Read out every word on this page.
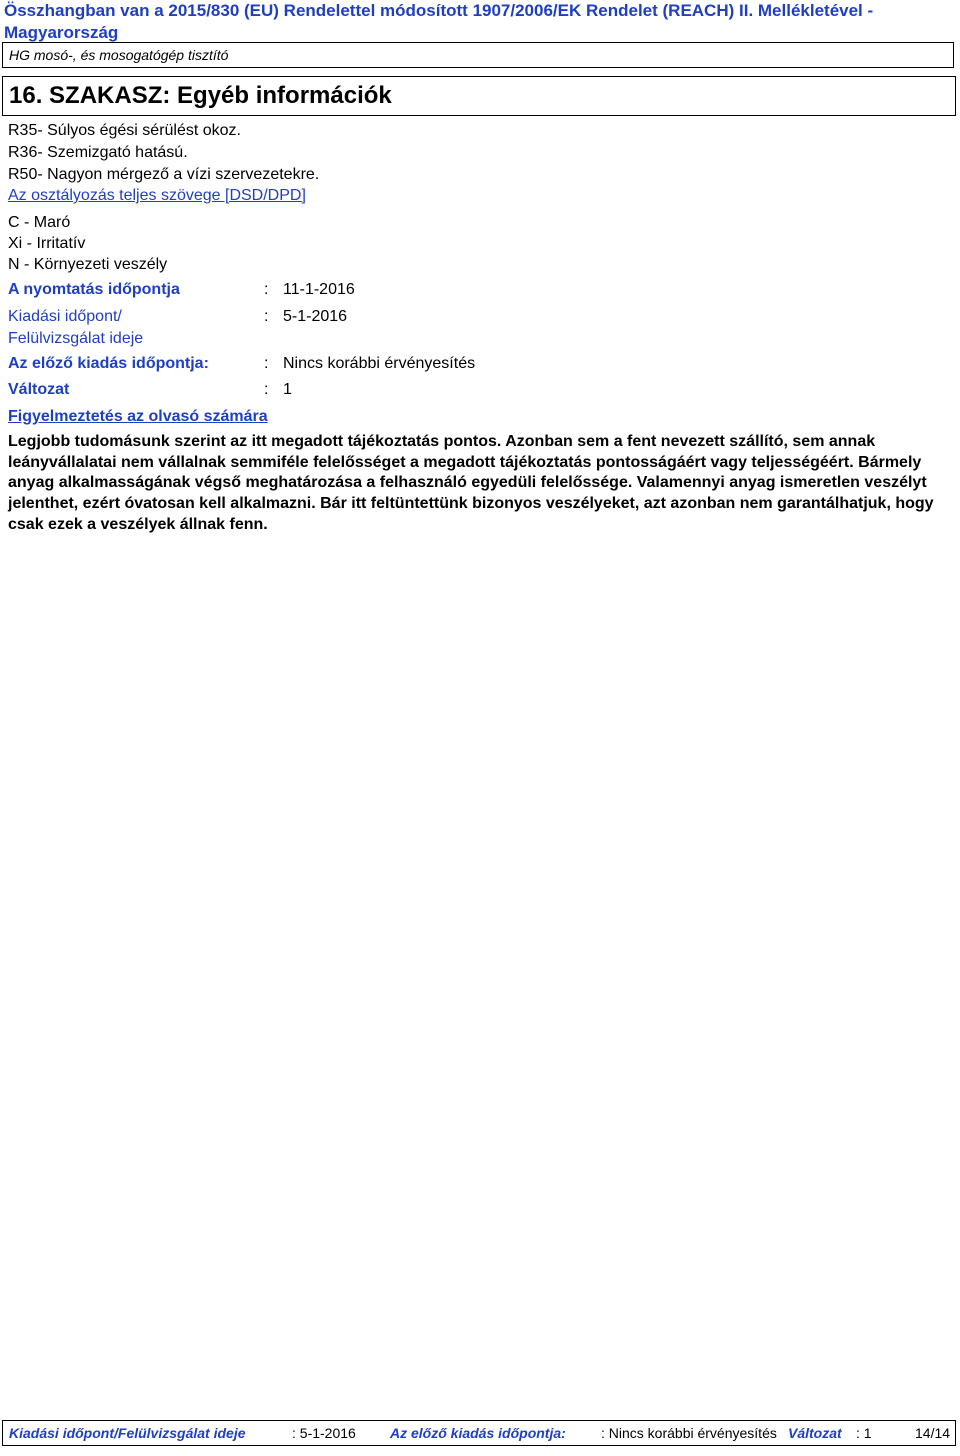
Összhangban van a 2015/830 (EU) Rendelettel módosított 1907/2006/EK Rendelet (REACH) II. Mellékletével - Magyarország
HG mosó-, és mosogatógép tisztító
16. SZAKASZ: Egyéb információk
R35- Súlyos égési sérülést okoz.
R36- Szemizgató hatású.
R50- Nagyon mérgező a vízi szervezetekre.
Az osztályozás teljes szövege [DSD/DPD]
C - Maró
Xi - Irritatív
N - Környezeti veszély
A nyomtatás időpontja	: 11-1-2016
Kiadási időpont/
Felülvizsgálat ideje
: 5-1-2016
Az előző kiadás időpontja:	: Nincs korábbi érvényesítés
Változat	: 1
Figyelmeztetés az olvasó számára

Legjobb tudomásunk szerint az itt megadott tájékoztatás pontos. Azonban sem a fent nevezett szállító, sem annak leányvállalatai nem vállalnak semmiféle felelősséget a megadott tájékoztatás pontosságáért vagy teljességéért. Bármely anyag alkalmasságának végső meghatározása a felhasználó egyedüli felelőssége. Valamennyi anyag ismeretlen veszélyt jelenthet, ezért óvatosan kell alkalmazni. Bár itt feltüntettünk bizonyos veszélyeket, azt azonban nem garantálhatjuk, hogy csak ezek a veszélyek állnak fenn.

Kiadási időpont/Felülvizsgálat ideje	: 5-1-2016 Az előző kiadás időpontja:	: Nincs korábbi érvényesítés Változat : 1	14/14
